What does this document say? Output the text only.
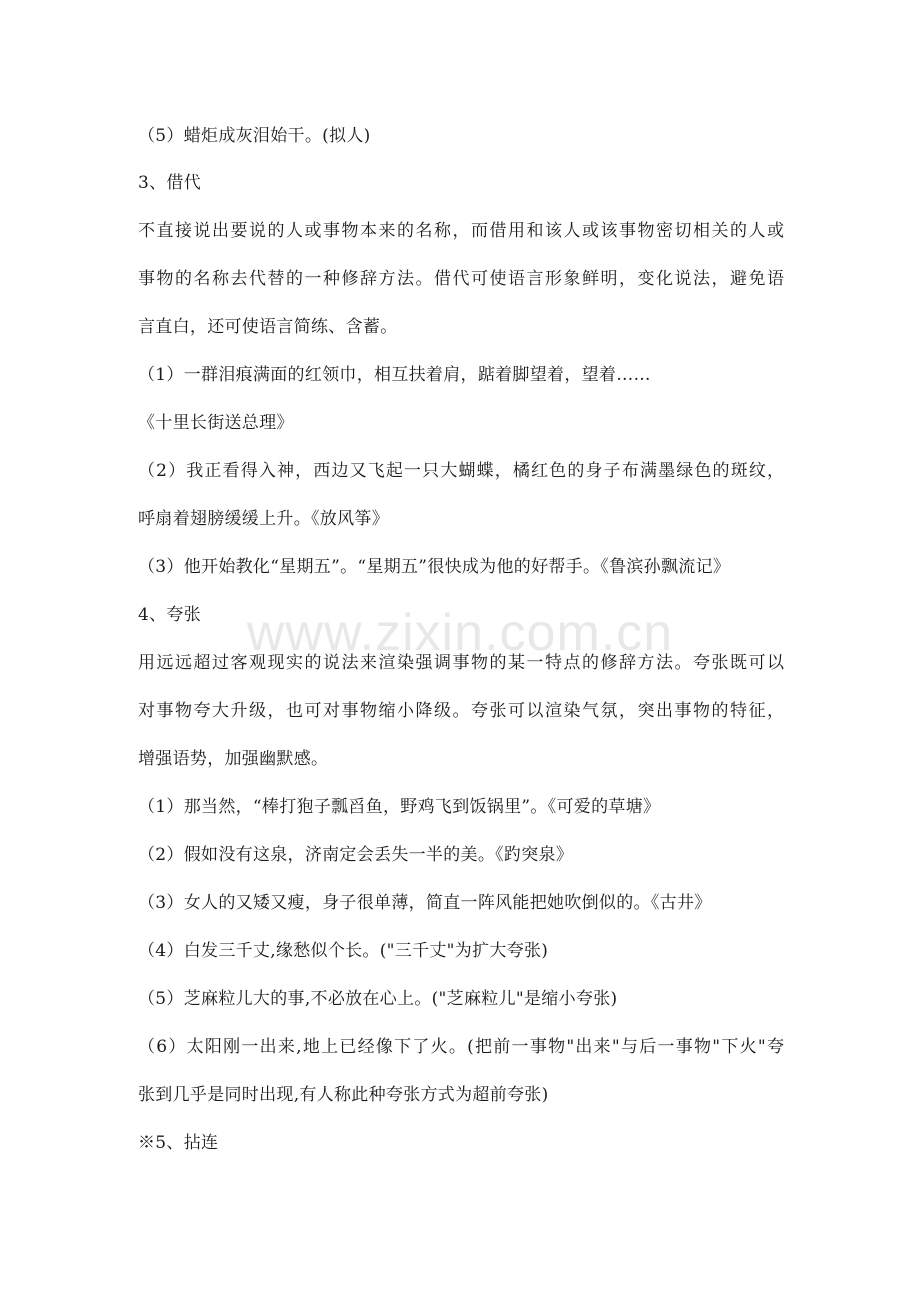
（5）蜡炬成灰泪始干。(拟人)
3、借代
不直接说出要说的人或事物本来的名称，而借用和该人或该事物密切相关的人或
事物的名称去代替的一种修辞方法。借代可使语言形象鲜明，变化说法，避免语
言直白，还可使语言简练、含蓄。
（1）一群泪痕满面的红领巾，相互扶着肩，踮着脚望着，望着……
《十里长街送总理》
（2）我正看得入神，西边又飞起一只大蝴蝶，橘红色的身子布满墨绿色的斑纹，
呼扇着翅膀缓缓上升。《放风筝》
（3）他开始教化“星期五”。“星期五”很快成为他的好帮手。《鲁滨孙飘流记》
4、夸张
用远远超过客观现实的说法来渲染强调事物的某一特点的修辞方法。夸张既可以
对事物夸大升级，也可对事物缩小降级。夸张可以渲染气氛，突出事物的特征，
增强语势，加强幽默感。
（1）那当然，“棒打狍子瓢舀鱼，野鸡飞到饭锅里”。《可爱的草塘》
（2）假如没有这泉，济南定会丢失一半的美。《趵突泉》
（3）女人的又矮又瘦，身子很单薄，简直一阵风能把她吹倒似的。《古井》
（4）白发三千丈,缘愁似个长。("三千丈"为扩大夸张)
（5）芝麻粒儿大的事,不必放在心上。("芝麻粒儿"是缩小夸张)
（6）太阳刚一出来,地上已经像下了火。(把前一事物"出来"与后一事物"下火"夸
张到几乎是同时出现,有人称此种夸张方式为超前夸张)
※5、拈连
www.zixin.com.cn
